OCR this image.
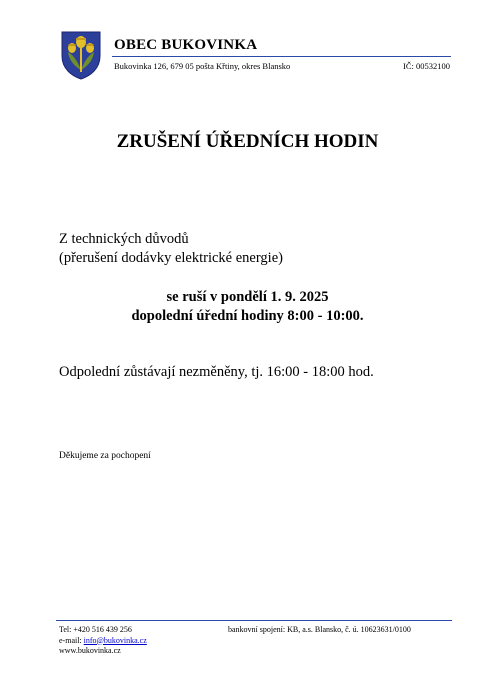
OBEC BUKOVINKA
Bukovinka 126, 679 05 pošta Křtiny, okres Blansko	IČ: 00532100
ZRUŠENÍ ÚŘEDNÍCH HODIN
Z technických důvodů
(přerušení dodávky elektrické energie)
se ruší v pondělí 1. 9. 2025
dopolední úřední hodiny 8:00 - 10:00.
Odpolední zůstávají nezměněny, tj. 16:00 - 18:00 hod.
Děkujeme za pochopení
Tel: +420 516 439 256
e-mail: info@bukovinka.cz
www.bukovinka.cz
bankovní spojení: KB, a.s. Blansko, č. ú. 10623631/0100
